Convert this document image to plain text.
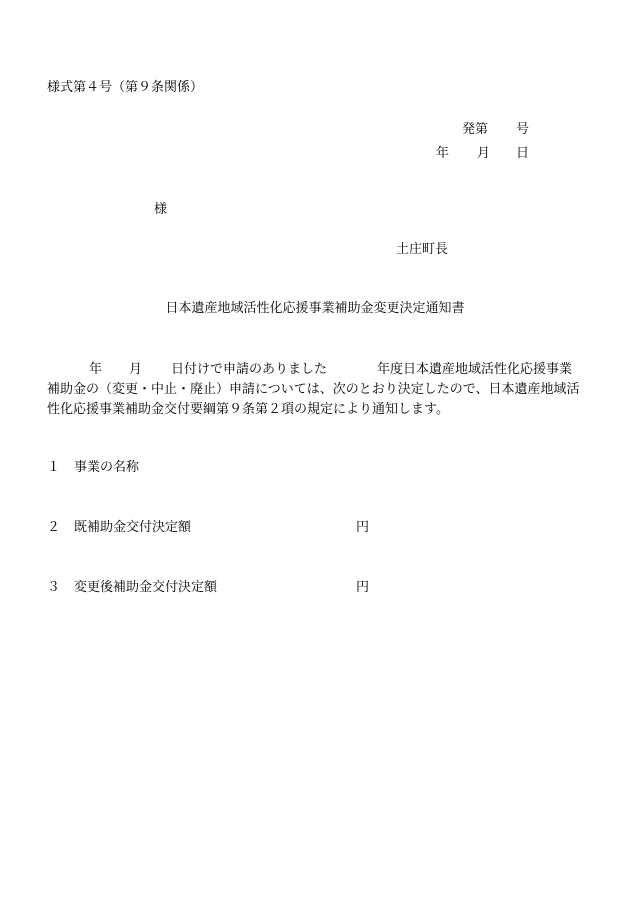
様式第４号（第９条関係）
発第 号
年 月 日
様
土庄町長
日本遺産地域活性化応援事業補助金変更決定通知書
年 月 日付けで申請のありました	年度日本遺産地域活性化応援事業
補助金の（変更・中止・廃止）申請については、次のとおり決定したので、日本遺産地域活
性化応援事業補助金交付要綱第９条第２項の規定により通知します。
１ 事業の名称
２ 既補助金交付決定額	円
３ 変更後補助金交付決定額	円
